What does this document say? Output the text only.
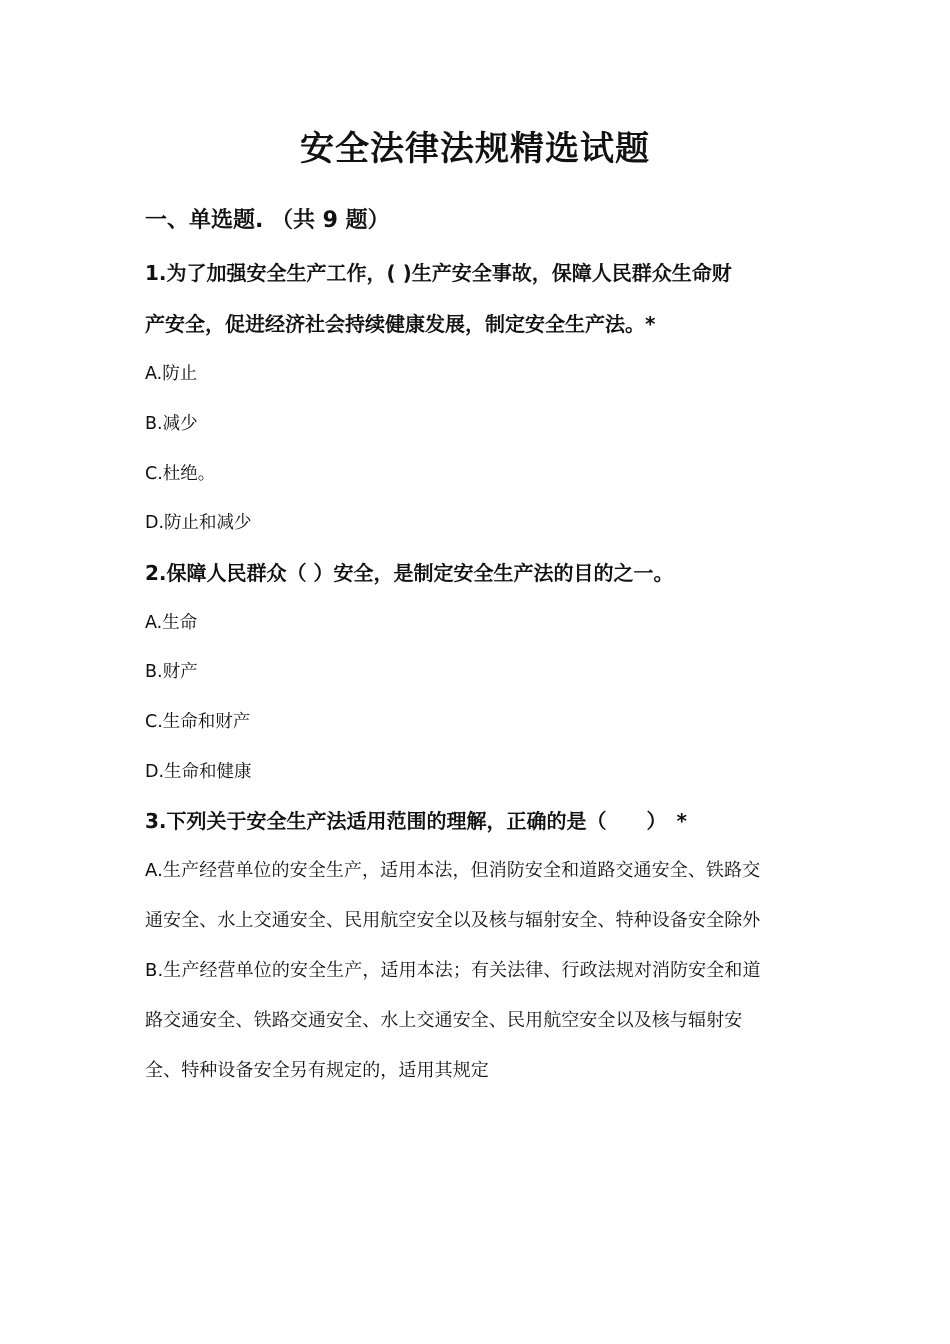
安全法律法规精选试题
一、单选题. （共 9 题）
1.为了加强安全生产工作，( )生产安全事故，保障人民群众生命财
产安全，促进经济社会持续健康发展，制定安全生产法。*
A.防止
B.减少
C.杜绝。
D.防止和减少
2.保障人民群众（ ）安全，是制定安全生产法的目的之一。
A.生命
B.财产
C.生命和财产
D.生命和健康
3.下列关于安全生产法适用范围的理解，正确的是（　　）　*
A.生产经营单位的安全生产，适用本法，但消防安全和道路交通安全、铁路交
通安全、水上交通安全、民用航空安全以及核与辐射安全、特种设备安全除外
B.生产经营单位的安全生产，适用本法；有关法律、行政法规对消防安全和道
路交通安全、铁路交通安全、水上交通安全、民用航空安全以及核与辐射安
全、特种设备安全另有规定的，适用其规定
